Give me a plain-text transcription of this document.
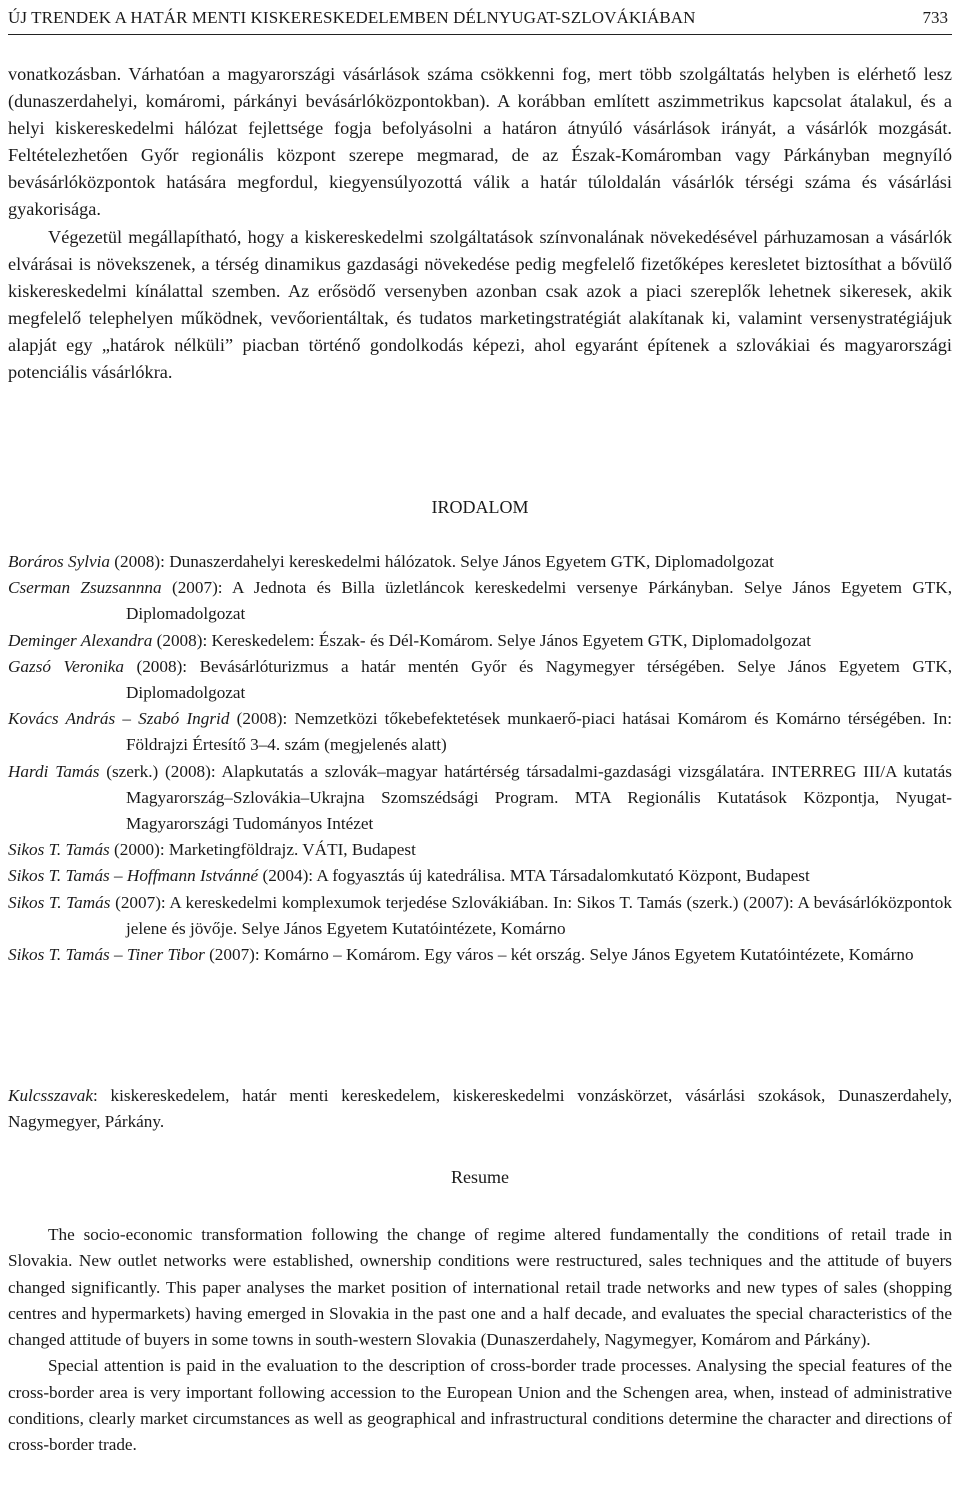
ÚJ TRENDEK A HATÁR MENTI KISKERESKEDELEMBEN DÉLNYUGAT-SZLOVÁKIÁBAN	733

vonatkozásban. Várhatóan a magyarországi vásárlások száma csökkenni fog, mert több szolgáltatás helyben is elérhető lesz (dunaszerdahelyi, komáromi, párkányi bevásárlóközpontokban). A korábban említett aszimmetrikus kapcsolat átalakul, és a helyi kiskereskedelmi hálózat fejlettsége fogja befolyásolni a határon átnyúló vásárlások irányát, a vásárlók mozgását. Feltételezhetően Győr regionális központ szerepe megmarad, de az Észak-Komáromban vagy Párkányban megnyíló bevásárlóközpontok hatására megfordul, kiegyensúlyozottá válik a határ túloldalán vásárlók térségi száma és vásárlási gyakorisága.

Végezetül megállapítható, hogy a kiskereskedelmi szolgáltatások színvonalának növekedésével párhuzamosan a vásárlók elvárásai is növekszenek, a térség dinamikus gazdasági növekedése pedig megfelelő fizetőképes keresletet biztosíthat a bővülő kiskereskedelmi kínálattal szemben. Az erősödő versenyben azonban csak azok a piaci szereplők lehetnek sikeresek, akik megfelelő telephelyen működnek, vevőorientáltak, és tudatos marketingstratégiát alakítanak ki, valamint versenystratégiájuk alapját egy „határok nélküli” piacban történő gondolkodás képezi, ahol egyaránt építenek a szlovákiai és magyarországi potenciális vásárlókra.

IRODALOM

Boráros Sylvia (2008): Dunaszerdahelyi kereskedelmi hálózatok. Selye János Egyetem GTK, Diplomadolgozat

Cserman Zsuzsannna (2007): A Jednota és Billa üzletláncok kereskedelmi versenye Párkányban. Selye János Egyetem GTK, Diplomadolgozat

Deminger Alexandra (2008): Kereskedelem: Észak- és Dél-Komárom. Selye János Egyetem GTK, Diplomadolgozat

Gazsó Veronika (2008): Bevásárlóturizmus a határ mentén Győr és Nagymegyer térségében. Selye János Egyetem GTK, Diplomadolgozat

Kovács András – Szabó Ingrid (2008): Nemzetközi tőkebefektetések munkaerő-piaci hatásai Komárom és Komárno térségében. In: Földrajzi Értesítő 3–4. szám (megjelenés alatt)

Hardi Tamás (szerk.) (2008): Alapkutatás a szlovák–magyar határtérség társadalmi-gazdasági vizsgálatára. INTERREG III/A kutatás Magyarország–Szlovákia–Ukrajna Szomszédsági Program. MTA Regionális Kutatások Központja, Nyugat-Magyarországi Tudományos Intézet

Sikos T. Tamás (2000): Marketingföldrajz. VÁTI, Budapest

Sikos T. Tamás – Hoffmann Istvánné (2004): A fogyasztás új katedrálisa. MTA Társadalomkutató Központ, Budapest

Sikos T. Tamás (2007): A kereskedelmi komplexumok terjedése Szlovákiában. In: Sikos T. Tamás (szerk.) (2007): A bevásárlóközpontok jelene és jövője. Selye János Egyetem Kutatóintézete, Komárno

Sikos T. Tamás – Tiner Tibor (2007): Komárno – Komárom. Egy város – két ország. Selye János Egyetem Kutatóintézete, Komárno

Kulcsszavak: kiskereskedelem, határ menti kereskedelem, kiskereskedelmi vonzáskörzet, vásárlási szokások, Dunaszerdahely, Nagymegyer, Párkány.

Resume

The socio-economic transformation following the change of regime altered fundamentally the conditions of retail trade in Slovakia. New outlet networks were established, ownership conditions were restructured, sales techniques and the attitude of buyers changed significantly. This paper analyses the market position of international retail trade networks and new types of sales (shopping centres and hypermarkets) having emerged in Slovakia in the past one and a half decade, and evaluates the special characteristics of the changed attitude of buyers in some towns in south-western Slovakia (Dunaszerdahely, Nagymegyer, Komárom and Párkány).

Special attention is paid in the evaluation to the description of cross-border trade processes. Analysing the special features of the cross-border area is very important following accession to the European Union and the Schengen area, when, instead of administrative conditions, clearly market circumstances as well as geographical and infrastructural conditions determine the character and directions of cross-border trade.
